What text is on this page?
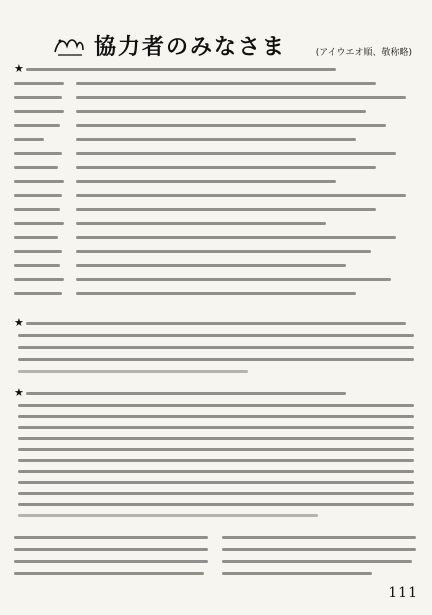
協力者のみなさま	(アイウエオ順、敬称略)
★
★
★
111
